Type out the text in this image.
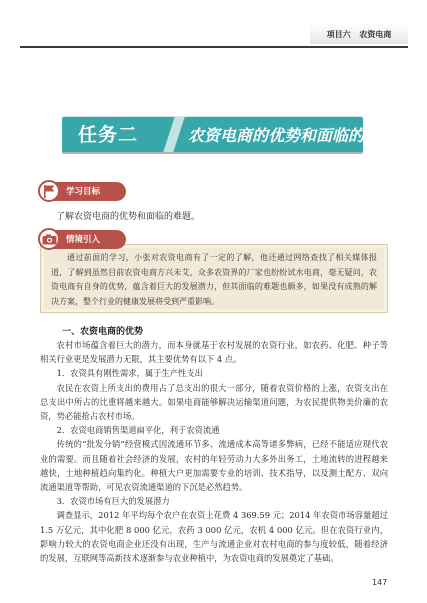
项目六 农资电商
任务二	农资电商的优势和面临的难题
学习目标
了解农资电商的优势和面临的难题。
通过前面的学习，小张对农资电商有了一定的了解，他还通过网络查找了相关媒体报道，了解到虽然目前农资电商方兴未艾，众多农资界的厂家也纷纷试水电商，毫无疑问，农资电商有自身的优势，蕴含着巨大的发展潜力，但其面临的难题也颇多，如果没有成熟的解决方案，整个行业的健康发展将受到严重影响。
情境引入
一、农资电商的优势

农村市场蕴含着巨大的潜力，而本身就基于农村发展的农资行业，如农药、化肥、种子等相关行业更是发展潜力无限，其主要优势有以下 4 点。

1．农资具有刚性需求，属于生产性支出

农民在农资上所支出的费用占了总支出的很大一部分，随着农资价格的上涨，农资支出在总支出中所占的比重将越来越大。如果电商能够解决运输渠道问题，为农民提供物美价廉的农资，势必能抢占农村市场。

2．农资电商销售渠道扁平化，利于农资流通

传统的“批发分销”经营模式因流通环节多、流通成本高等诸多弊病，已经不能适应现代农业的需要。而且随着社会经济的发展，农村的年轻劳动力大多外出务工，土地流转的进程越来越快，土地种植趋向集约化。种植大户更加需要专业的培训、技术指导，以及测土配方、双向流通渠道等帮助，可见农资流通渠道的下沉是必然趋势。

3．农资市场有巨大的发展潜力

调查显示，2012 年平均每个农户在农资上花费 4 369.59 元；2014 年农资市场容量超过 1.5 万亿元，其中化肥 8 000 亿元，农药 3 000 亿元，农机 4 000 亿元。但在农资行业内，影响力较大的农资电商企业还没有出现，生产与流通企业对农村电商的参与度较低，随着经济的发展，互联网等高新技术逐渐参与农业种植中，为农资电商的发展奠定了基础。

147
